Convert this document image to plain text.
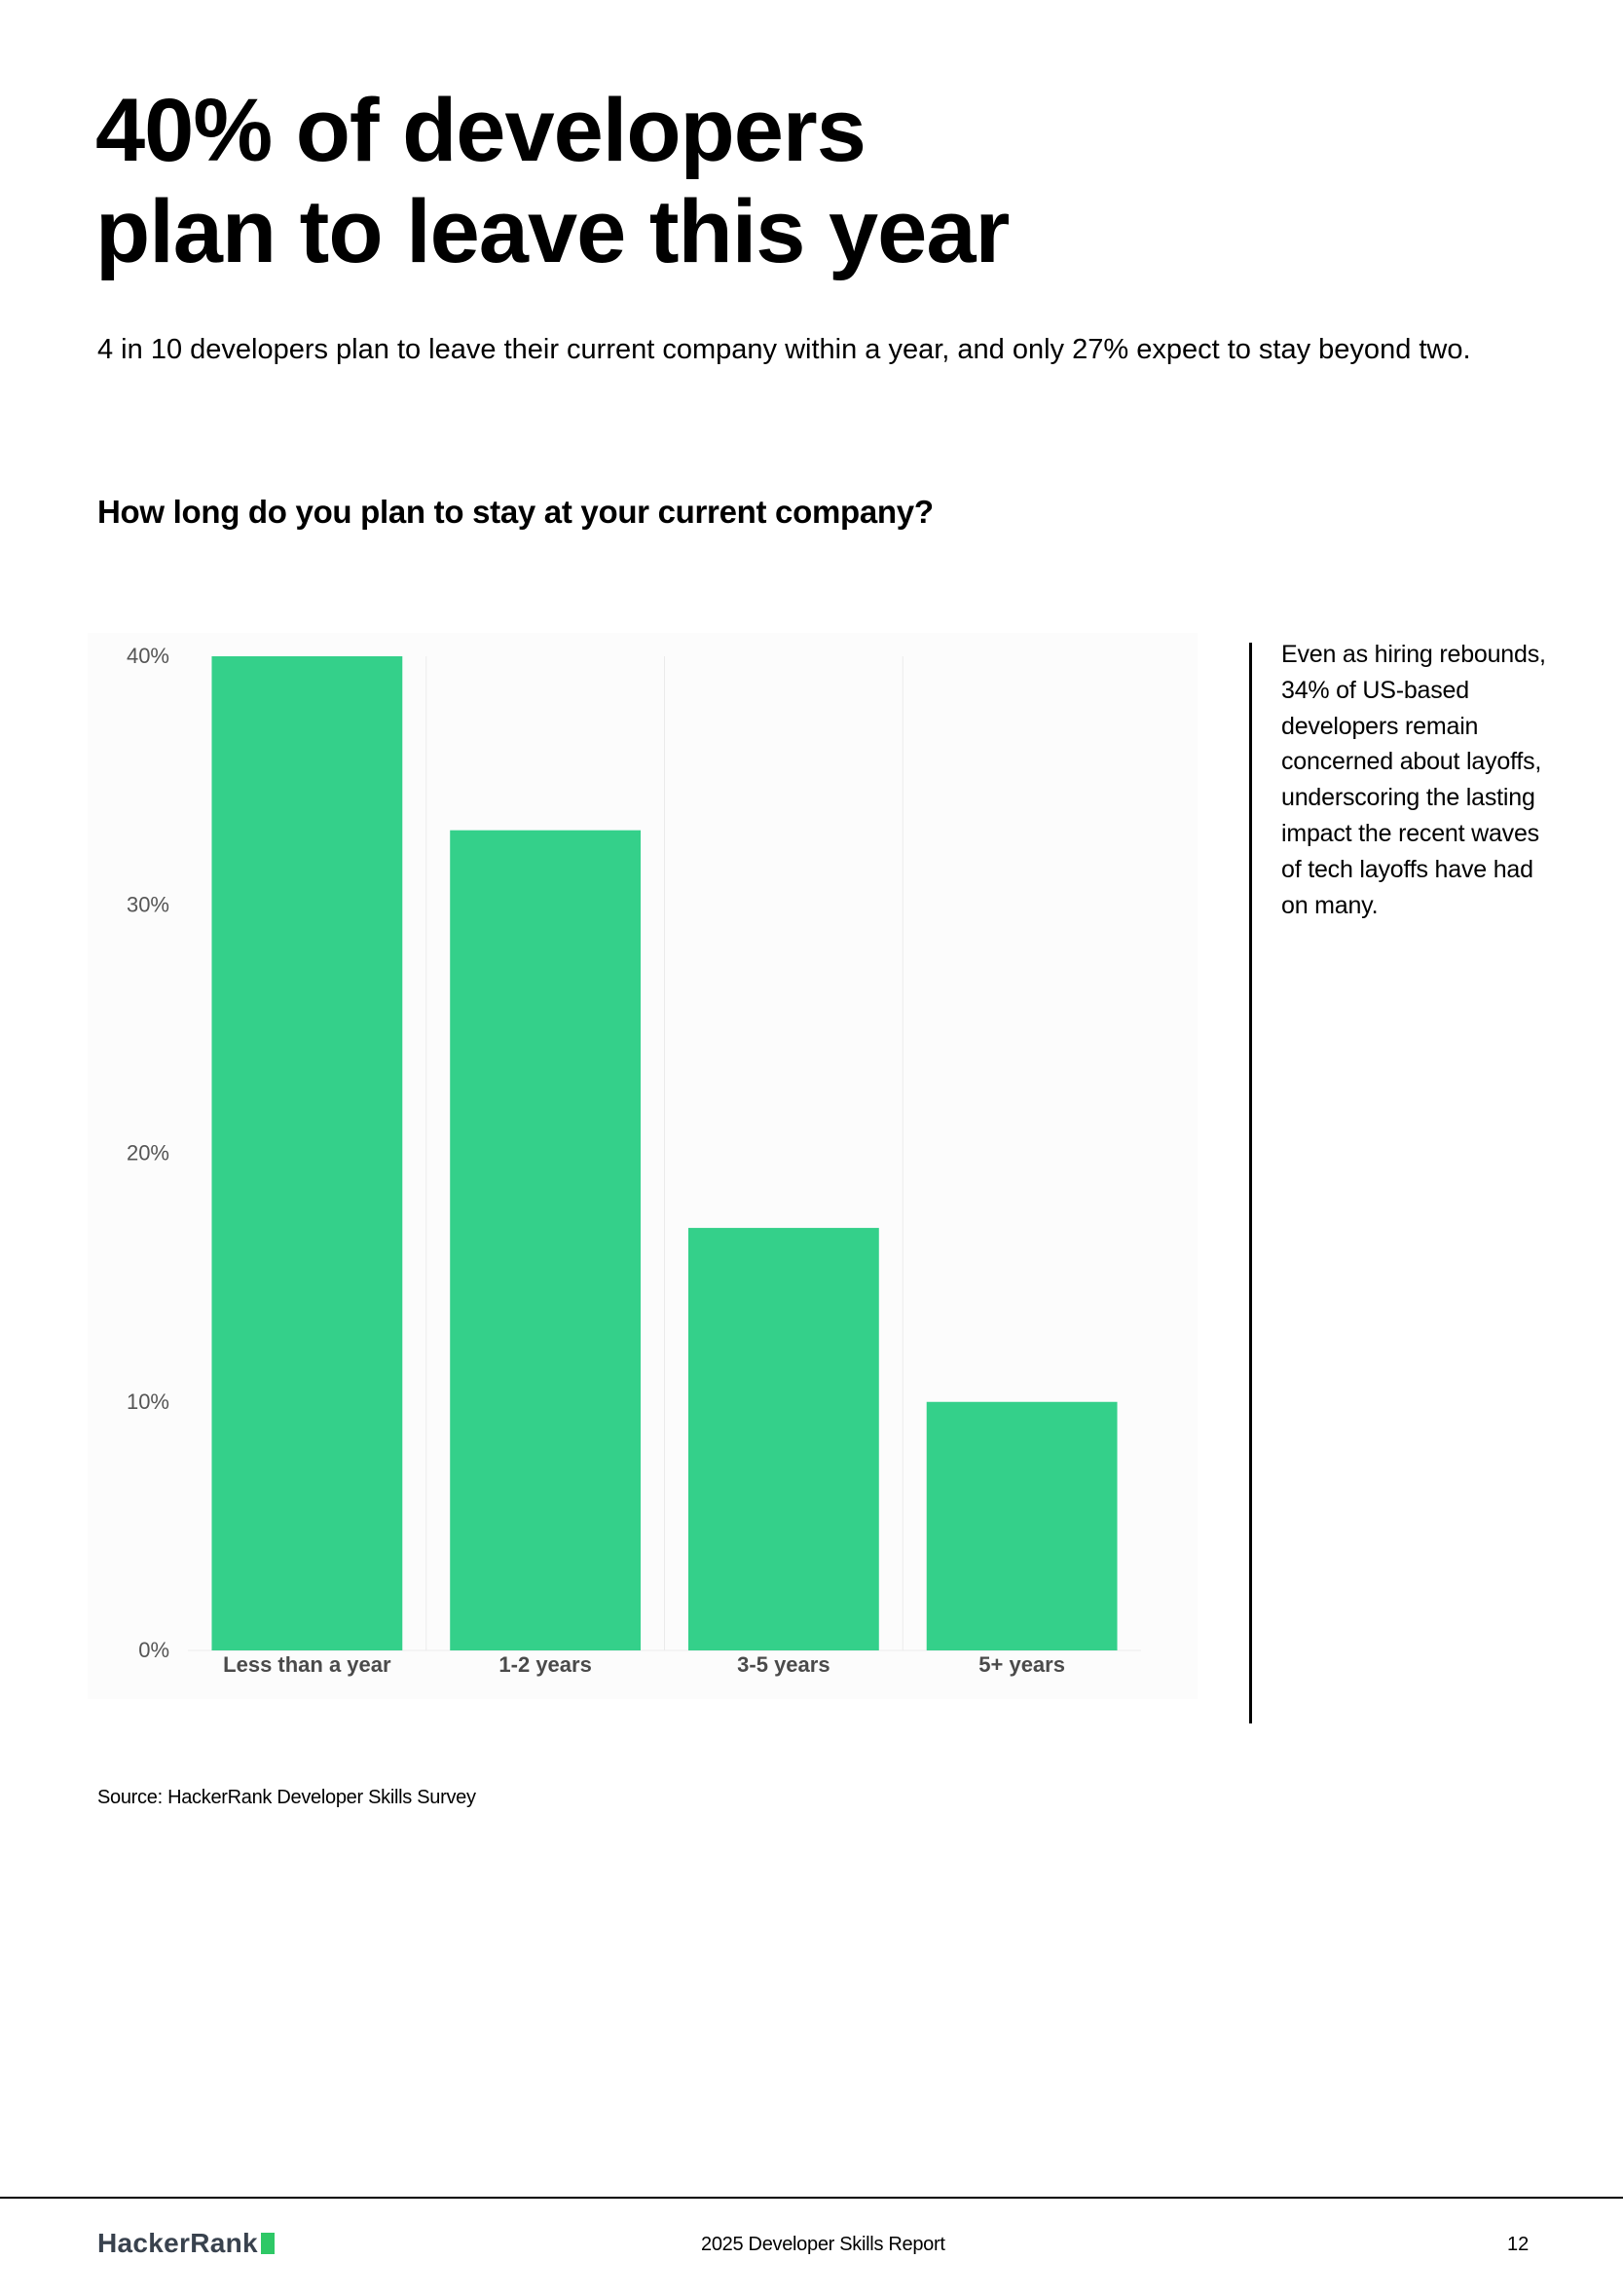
40% of developers
plan to leave this year

4 in 10 developers plan to leave their current company within a year, and only 27% expect to stay beyond two.

How long do you plan to stay at your current company?
0%
10%
20%
30%
40%
Less than a year	1-2 years	3-5 years	5+ years

Even as hiring rebounds, 34% of US-based developers remain concerned about layoffs, underscoring the lasting impact the recent waves of tech layoffs have had on many.

Source: HackerRank Developer Skills Survey

HackerRank	2025 Developer Skills Report	12
